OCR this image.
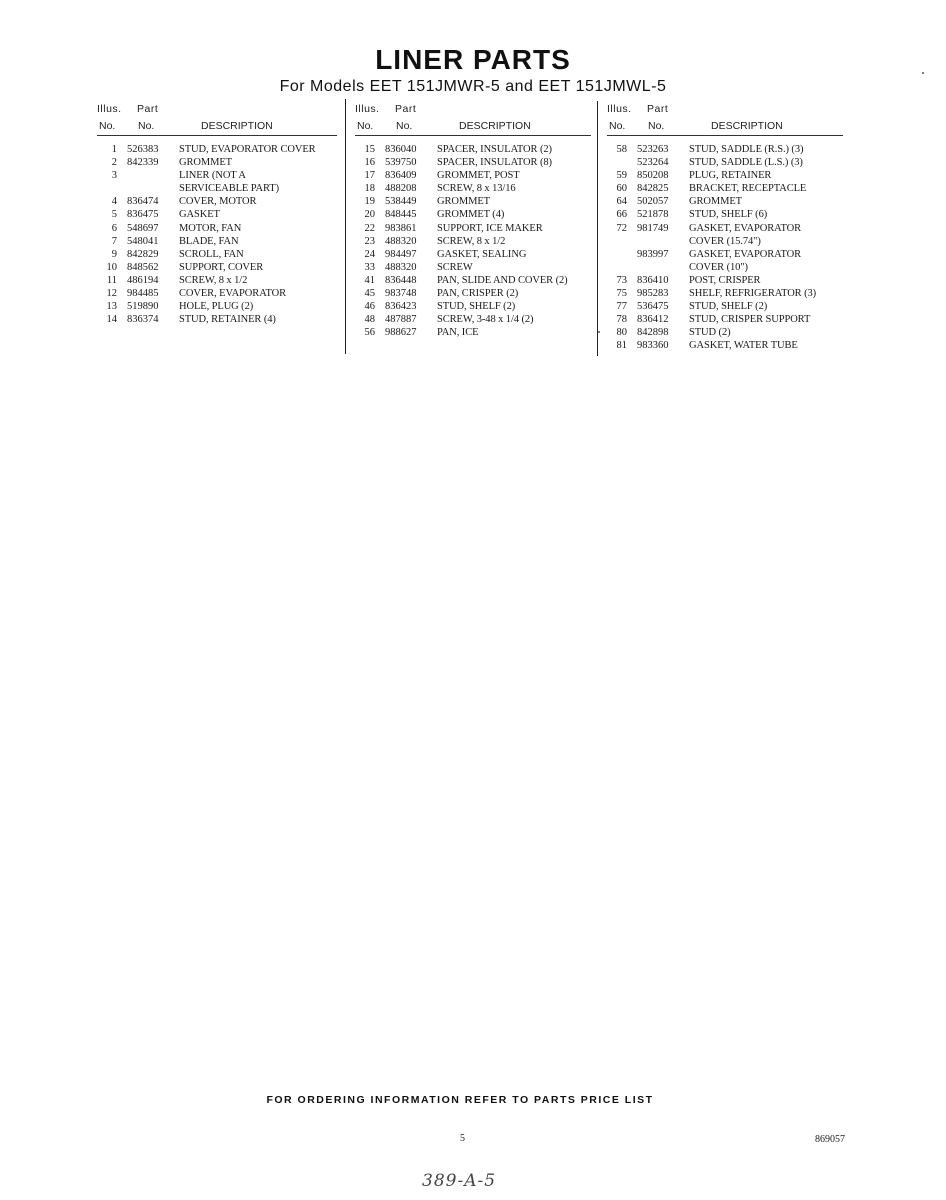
LINER PARTS
For Models EET 151JMWR-5 and EET 151JMWL-5
Illus. Part
No. No.	DESCRIPTION
1 526383 STUD, EVAPORATOR COVER
2 842339 GROMMET
3	LINER (NOT A
SERVICEABLE PART)
4 836474 COVER, MOTOR
5 836475 GASKET
6 548697 MOTOR, FAN
7 548041 BLADE, FAN
9 842829 SCROLL, FAN
10 848562 SUPPORT, COVER
11 486194 SCREW, 8 x 1/2
12 984485 COVER, EVAPORATOR
13 519890 HOLE, PLUG (2)
14 836374 STUD, RETAINER (4)
Illus. Part
No. No.	DESCRIPTION
15 836040 SPACER, INSULATOR (2)
16 539750 SPACER, INSULATOR (8)
17 836409 GROMMET, POST
18 488208 SCREW, 8 x 13/16
19 538449 GROMMET
20 848445 GROMMET (4)
22 983861 SUPPORT, ICE MAKER
23 488320 SCREW, 8 x 1/2
24 984497 GASKET, SEALING
33 488320 SCREW
41 836448 PAN, SLIDE AND COVER (2)
45 983748 PAN, CRISPER (2)
46 836423 STUD, SHELF (2)
48 487887 SCREW, 3-48 x 1/4 (2)
56 988627 PAN, ICE
Illus. Part
No. No.	DESCRIPTION
58 523263 STUD, SADDLE (R.S.) (3)
523264 STUD, SADDLE (L.S.) (3)
59 850208 PLUG, RETAINER
60 842825 BRACKET, RECEPTACLE
64 502057 GROMMET
66 521878 STUD, SHELF (6)
72 981749 GASKET, EVAPORATOR
COVER (15.74")
983997 GASKET, EVAPORATOR
COVER (10")
73 836410 POST, CRISPER
75 985283 SHELF, REFRIGERATOR (3)
77 536475 STUD, SHELF (2)
78 836412 STUD, CRISPER SUPPORT
80 842898 STUD (2)
81 983360 GASKET, WATER TUBE
FOR ORDERING INFORMATION REFER TO PARTS PRICE LIST
5	869057
389-A-5
